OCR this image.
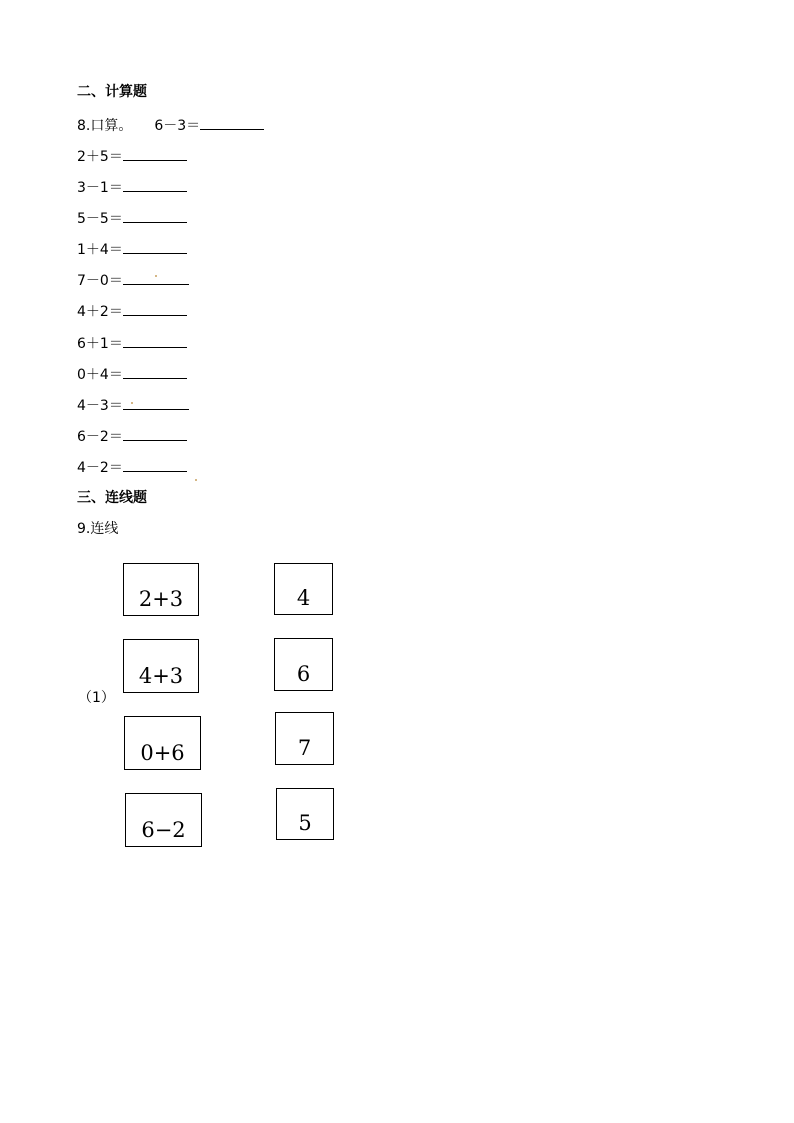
二、计算题
8.口算。 6－3＝
2＋5＝
3－1＝
5－5＝
1＋4＝
7－0＝
4＋2＝
6＋1＝
0＋4＝
4－3＝
6－2＝
4－2＝
三、连线题
9.连线
（1）
2+3
4+3
0+6
6−2
4
6
7
5
